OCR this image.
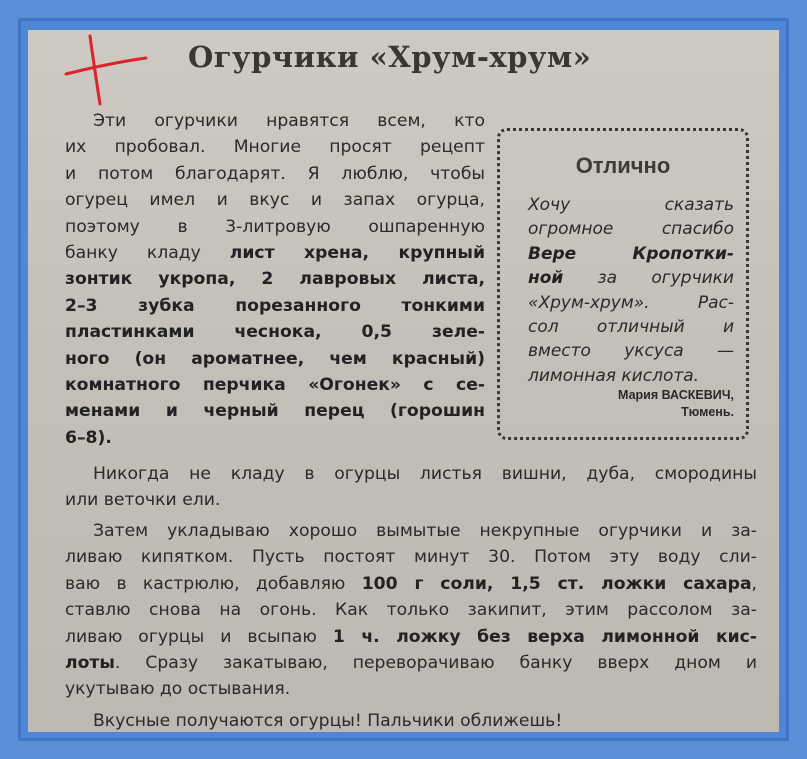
Огурчики «Хрум-хрум»
Эти огурчики нравятся всем, кто
их пробовал. Многие просят рецепт
и потом благодарят. Я люблю, чтобы
огурец имел и вкус и запах огурца,
поэтому в 3-литровую ошпаренную
банку кладу лист хрена, крупный
зонтик укропа, 2 лавровых листа,
2–3 зубка порезанного тонкими
пластинками чеснока, 0,5 зеле-
ного (он ароматнее, чем красный)
комнатного перчика «Огонек» с се-
менами и черный перец (горошин
6–8).
Отлично
Хочу сказать
огромное спасибо
Вере Кропотки-
ной за огурчики
«Хрум-хрум». Рас-
сол отличный и
вместо уксуса —
лимонная кислота.
Мария ВАСКЕВИЧ,
Тюмень.
Никогда не кладу в огурцы листья вишни, дуба, смородины
или веточки ели.
Затем укладываю хорошо вымытые некрупные огурчики и за-
ливаю кипятком. Пусть постоят минут 30. Потом эту воду сли-
ваю в кастрюлю, добавляю 100 г соли, 1,5 ст. ложки сахара,
ставлю снова на огонь. Как только закипит, этим рассолом за-
ливаю огурцы и всыпаю 1 ч. ложку без верха лимонной кис-
лоты. Сразу закатываю, переворачиваю банку вверх дном и
укутываю до остывания.
Вкусные получаются огурцы! Пальчики оближешь!
